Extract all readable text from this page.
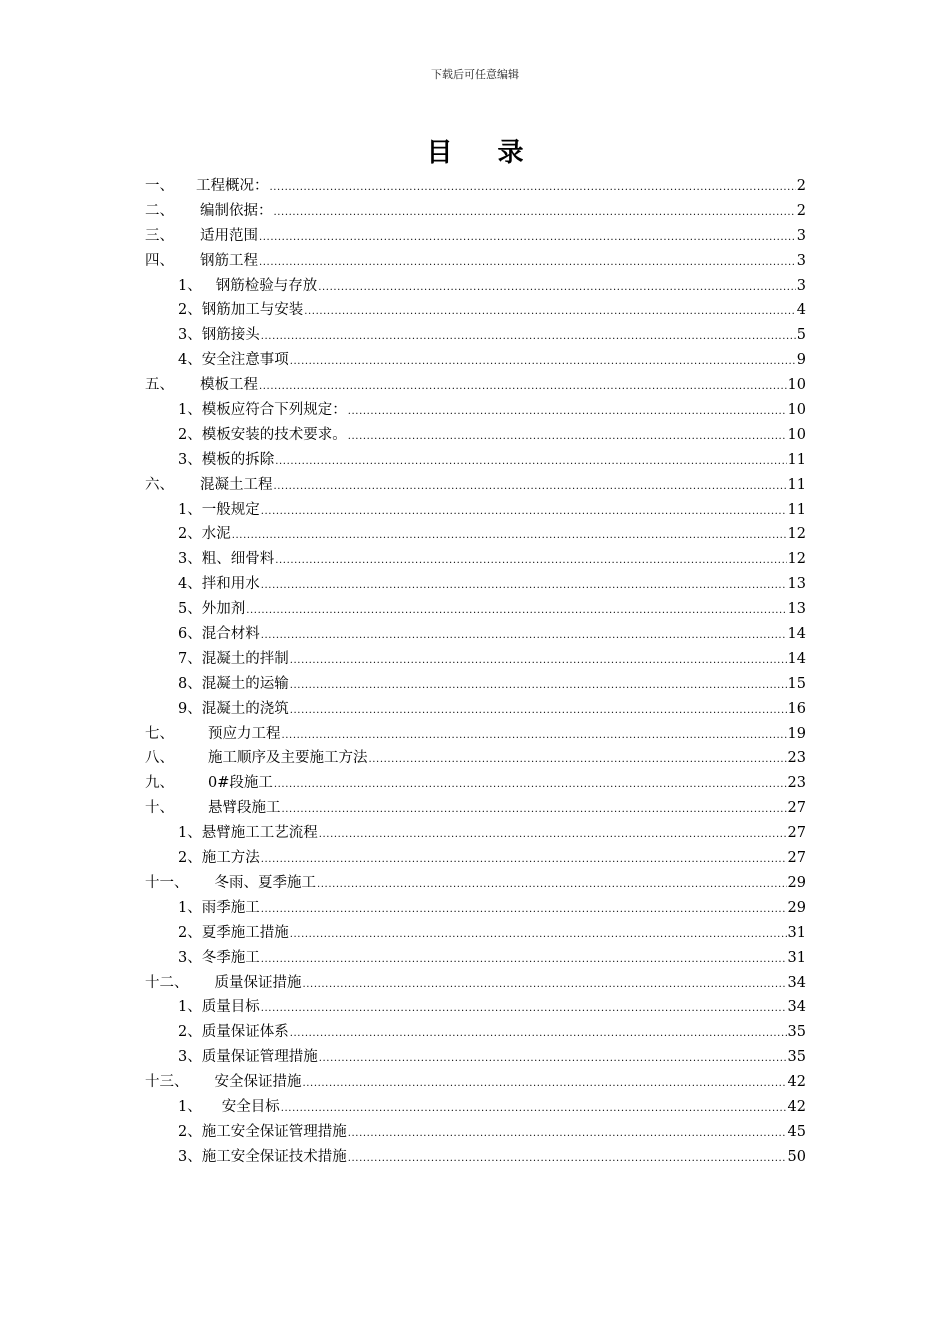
下载后可任意编辑
目 录
一、 工程概况： .....	2
二、 编制依据： .....	2
三、 适用范围 .....	3
四、 钢筋工程 .....	3
1、 钢筋检验与存放 .....	3
2、 钢筋加工与安装 .....	4
3、 钢筋接头 .....	5
4、 安全注意事项 .....	9
五、 模板工程 .....	10
1、 模板应符合下列规定： .....	10
2、 模板安装的技术要求。 .....	10
3、 模板的拆除 .....	11
六、 混凝土工程 .....	11
1、 一般规定 .....	11
2、 水泥 .....	12
3、 粗、细骨料 .....	12
4、 拌和用水 .....	13
5、 外加剂 .....	13
6、 混合材料 .....	14
7、 混凝土的拌制 .....	14
8、 混凝土的运输 .....	15
9、 混凝土的浇筑 .....	16
七、 预应力工程 .....	19
八、 施工顺序及主要施工方法 .....	23
九、 0#段施工 .....	23
十、 悬臂段施工 .....	27
1、 悬臂施工工艺流程 .....	27
2、 施工方法 .....	27
十一、 冬雨、夏季施工 .....	29
1、 雨季施工 .....	29
2、 夏季施工措施 .....	31
3、 冬季施工 .....	31
十二、 质量保证措施 .....	34
1、 质量目标 .....	34
2、 质量保证体系 .....	35
3、 质量保证管理措施 .....	35
十三、 安全保证措施 .....	42
1、 安全目标 .....	42
2、 施工安全保证管理措施 .....	45
3、 施工安全保证技术措施 .....	50
